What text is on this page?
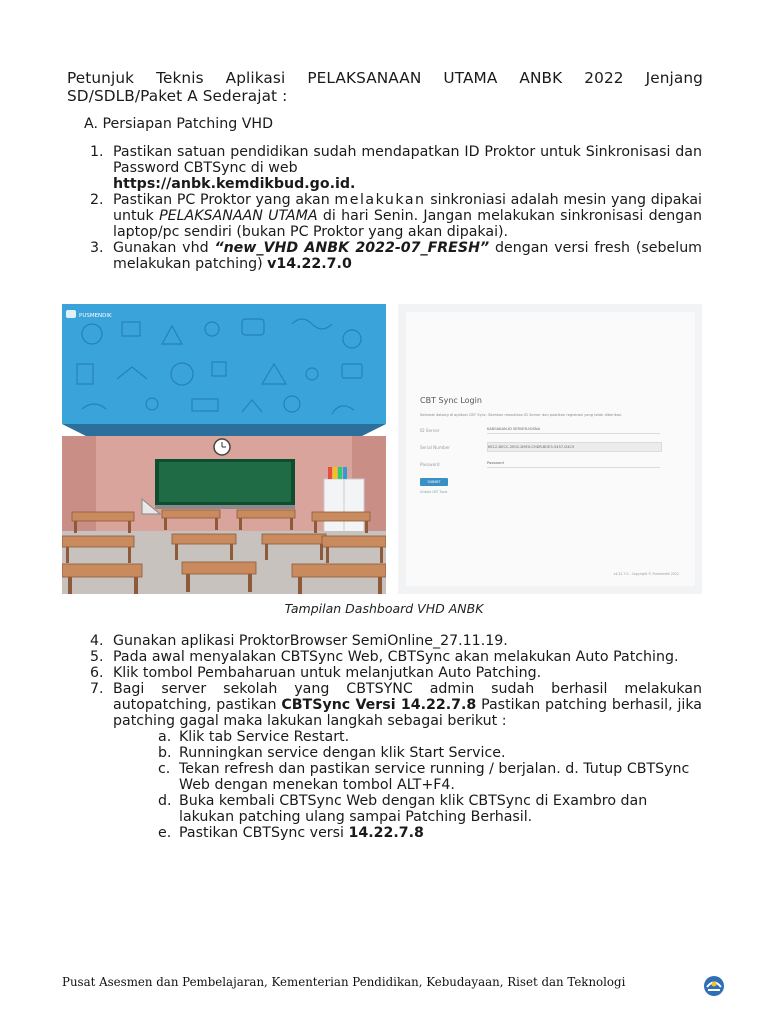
Petunjuk Teknis Aplikasi PELAKSANAAN UTAMA ANBK 2022 Jenjang SD/SDLB/Paket A Sederajat :
A. Persiapan Patching VHD
1. Pastikan satuan pendidikan sudah mendapatkan ID Proktor untuk Sinkronisasi dan Password CBTSync di web
https://anbk.kemdikbud.go.id.
2. Pastikan PC Proktor yang akan melakukan sinkroniasi adalah mesin yang dipakai untuk PELAKSANAAN UTAMA di hari Senin. Jangan melakukan sinkronisasi dengan laptop/pc sendiri (bukan PC Proktor yang akan dipakai).
3. Gunakan vhd “new_VHD ANBK 2022-07_FRESH” dengan versi fresh (sebelum melakukan patching) v14.22.7.0
PUSMENDIK
CBT Sync Login
Selamat datang di aplikasi CBT Sync. Silahkan masukkan ID Server dan pastikan registrasi yang telah diberikan.
ID Server	KA8GAKAN-ID SERVER-ISISNA
Serial Number	KE12-DECC-2E0C-D9E0-CHDR-BOE3-5457-D4C5
Password	Password
SUBMIT
Unable CBT Tools
v4.22.7.0 - Copyright © Pusmendik 2022
Tampilan Dashboard VHD ANBK
4. Gunakan aplikasi ProktorBrowser SemiOnline_27.11.19.
5. Pada awal menyalakan CBTSync Web, CBTSync akan melakukan Auto Patching.
6. Klik tombol Pembaharuan untuk melanjutkan Auto Patching.
7. Bagi server sekolah yang CBTSYNC admin sudah berhasil melakukan autopatching, pastikan CBTSync Versi 14.22.7.8 Pastikan patching berhasil, jika patching gagal maka lakukan langkah sebagai berikut :
a. Klik tab Service Restart.
b. Runningkan service dengan klik Start Service.
c. Tekan refresh dan pastikan service running / berjalan. d. Tutup CBTSync Web dengan menekan tombol ALT+F4.
d. Buka kembali CBTSync Web dengan klik CBTSync di Exambro dan lakukan patching ulang sampai Patching Berhasil.
e. Pastikan CBTSync versi 14.22.7.8
Pusat Asesmen dan Pembelajaran, Kementerian Pendidikan, Kebudayaan, Riset dan Teknologi
